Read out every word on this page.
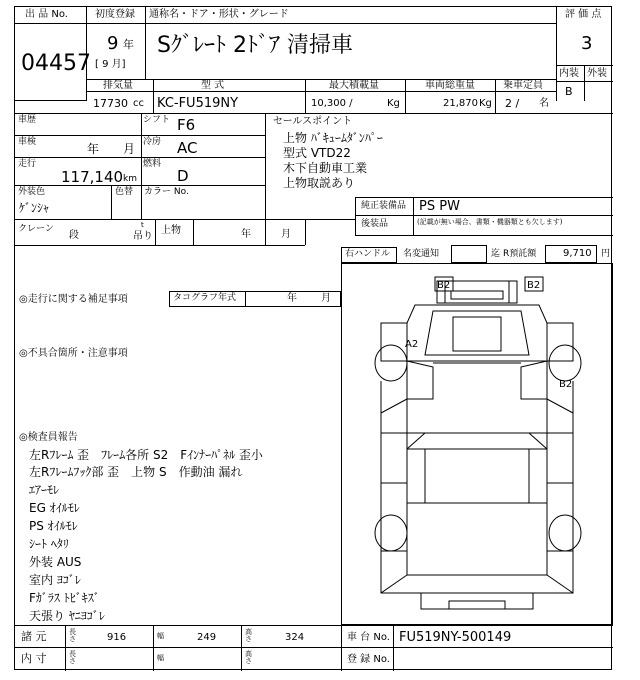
出 品 No.
04457
初度登録
9 年
[ 9 月]
通称名・ドア・形状・グレード
Sｸﾞﾚｰﾄ 2ﾄﾞｱ 清掃車
評 価 点
3
内装 外装
B
排気量
17730 cc
型 式
KC-FU519NY
最大積載量
10,300 /	Kg
車両総重量
21,870 Kg
乗車定員
2 / 名
車歴	シフト F6
車検	年 月 冷房 AC
走行
117,140 km
燃料
D
外装色
ｹﾞﾝｼｬ
色替 カラー No.
クレーン
段
t
吊り
上物	年	月
セールスポイント
上物 ﾊﾞｷｭｰﾑﾀﾞﾝﾊﾟｰ
型式 VTD22
木下自動車工業
上物取説あり
純正装備品 PS PW
後装品	(記載が無い場合、書類・機器類とも欠します)
右ハンドル 名変通知	迄 R預託額	9,710 円
◎走行に関する補足事項	タコグラフ年式	年 月
◎不具合箇所・注意事項
◎検査員報告
左Rﾌﾚｰﾑ 歪　ﾌﾚｰﾑ各所 S2　Fｲﾝﾅｰﾊﾟﾈﾙ 歪小
左Rﾌﾚｰﾑﾌｯｸ部 歪　上物 S　作動油 漏れ
ｴｱｰﾓﾚ
EG ｵｲﾙﾓﾚ
PS ｵｲﾙﾓﾚ
ｼｰﾄ ﾍﾀﾘ
外装 AUS
室内 ﾖｺﾞﾚ
Fｶﾞﾗｽ ﾄﾋﾞｷｽﾞ
天張り ﾔﾆﾖｺﾞﾚ
B2	B2
A2
B2
諸 元	長さ	916	幅	249	高さ	324	車 台 No. FU519NY-500149
内 寸	長さ	幅	高さ	登 録 No.
